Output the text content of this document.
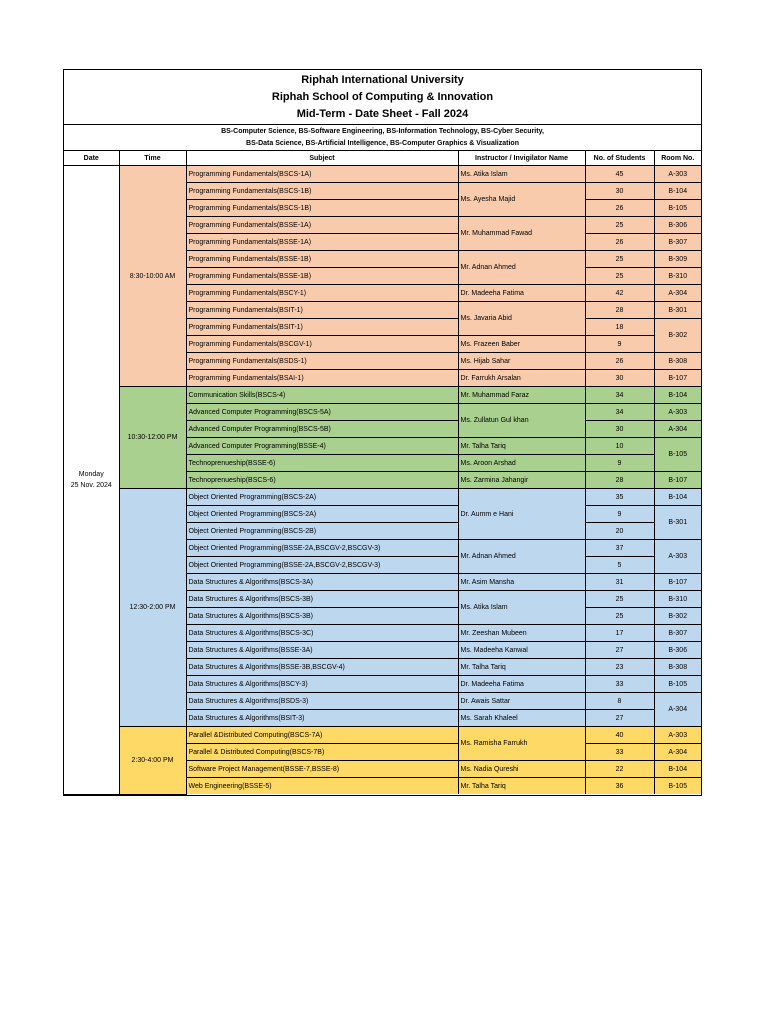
Riphah International University
Riphah School of Computing & Innovation
Mid-Term - Date Sheet - Fall 2024
BS-Computer Science, BS-Software Engineering, BS-Information Technology, BS-Cyber Security,
BS-Data Science, BS-Artificial Intelligence, BS-Computer Graphics & Visualization
Date	Time	Subject	Instructor / Invigilator Name	No. of Students	Room No.

Monday
25 Nov. 2024	8:30-10:00 AM	Programming Fundamentals(BSCS-1A)	Ms. Atika Islam	45	A-303
		Programming Fundamentals(BSCS-1B)	Ms. Ayesha Majid	30	B-104
		Programming Fundamentals(BSCS-1B)		26	B-105
		Programming Fundamentals(BSSE-1A)	Mr. Muhammad Fawad	25	B-306
		Programming Fundamentals(BSSE-1A)		26	B-307
		Programming Fundamentals(BSSE-1B)	Mr. Adnan Ahmed	25	B-309
		Programming Fundamentals(BSSE-1B)		25	B-310
		Programming Fundamentals(BSCY-1)	Dr. Madeeha Fatima	42	A-304
		Programming Fundamentals(BSIT-1)	Ms. Javaria Abid	28	B-301
		Programming Fundamentals(BSIT-1)		18	B-302
		Programming Fundamentals(BSCGV-1)	Ms. Frazeen Baber	9	
		Programming Fundamentals(BSDS-1)	Ms. Hijab Sahar	26	B-308
		Programming Fundamentals(BSAI-1)	Dr. Farrukh Arsalan	30	B-107
	10:30-12:00 PM	Communication Skills(BSCS-4)	Mr. Muhammad Faraz	34	B-104
		Advanced Computer Programming(BSCS-5A)	Ms. Zullatun Gul khan	34	A-303
		Advanced Computer Programming(BSCS-5B)		30	A-304
		Advanced Computer Programming(BSSE-4)	Mr. Talha Tariq	10	B-105
		Technoprenueship(BSSE-6)	Ms. Aroon Arshad	9	
		Technoprenueship(BSCS-6)	Ms. Zarmina Jahangir	28	B-107
	12:30-2:00 PM	Object Oriented Programming(BSCS-2A)	Dr. Aumm e Hani	35	B-104
		Object Oriented Programming(BSCS-2A)		9	B-301
		Object Oriented Programming(BSCS-2B)		20	
		Object Oriented Programming(BSSE-2A,BSCGV-2,BSCGV-3)	Mr. Adnan Ahmed	37	A-303
		Object Oriented Programming(BSSE-2A,BSCGV-2,BSCGV-3)		5	
		Data Structures & Algorithms(BSCS-3A)	Mr. Asim Mansha	31	B-107
		Data Structures & Algorithms(BSCS-3B)	Ms. Atika Islam	25	B-310
		Data Structures & Algorithms(BSCS-3B)		25	B-302
		Data Structures & Algorithms(BSCS-3C)	Mr. Zeeshan Mubeen	17	B-307
		Data Structures & Algorithms(BSSE-3A)	Ms. Madeeha Kanwal	27	B-306
		Data Structures & Algorithms(BSSE-3B,BSCGV-4)	Mr. Talha Tariq	23	B-308
		Data Structures & Algorithms(BSCY-3)	Dr. Madeeha Fatima	33	B-105
		Data Structures & Algorithms(BSDS-3)	Dr. Awais Sattar	8	A-304
		Data Structures & Algorithms(BSIT-3)	Ms. Sarah Khaleel	27	
	2:30-4:00 PM	Parallel &Distributed Computing(BSCS-7A)	Ms. Ramisha Farrukh	40	A-303
		Parallel & Distributed Computing(BSCS-7B)		33	A-304
		Software Project Management(BSSE-7,BSSE-8)	Ms. Nadia Qureshi	22	B-104
		Web Engineering(BSSE-5)	Mr. Talha Tariq	36	B-105
